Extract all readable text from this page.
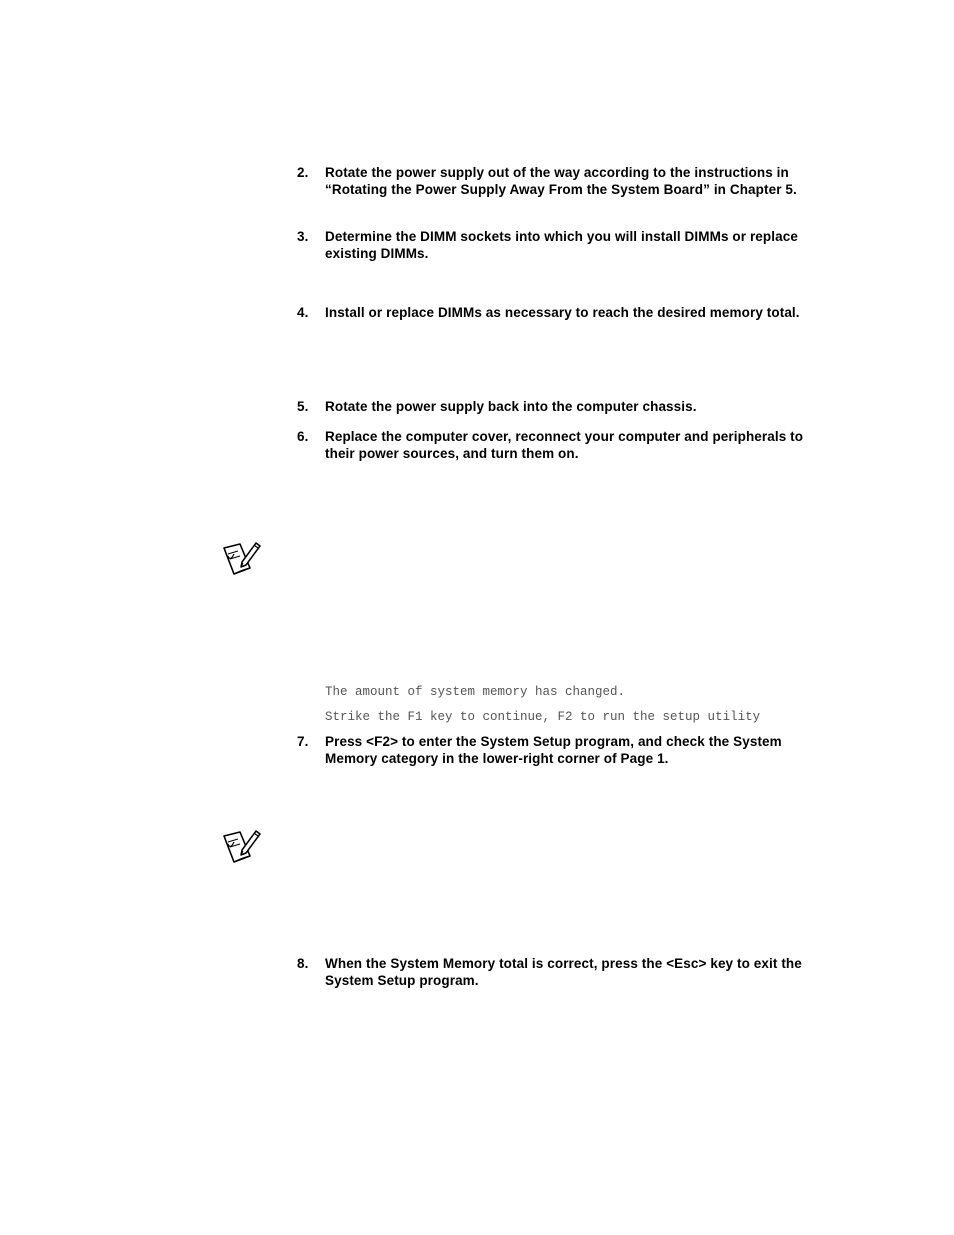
2.	Rotate the power supply out of the way according to the instructions in “Rotating the Power Supply Away From the System Board” in Chapter 5.
3.	Determine the DIMM sockets into which you will install DIMMs or replace existing DIMMs.
4.	Install or replace DIMMs as necessary to reach the desired memory total.
5.	Rotate the power supply back into the computer chassis.
6.	Replace the computer cover, reconnect your computer and peripherals to their power sources, and turn them on.
The amount of system memory has changed.
Strike the F1 key to continue, F2 to run the setup utility
7.	Press <F2> to enter the System Setup program, and check the System Memory category in the lower-right corner of Page 1.
8.	When the System Memory total is correct, press the <Esc> key to exit the System Setup program.
